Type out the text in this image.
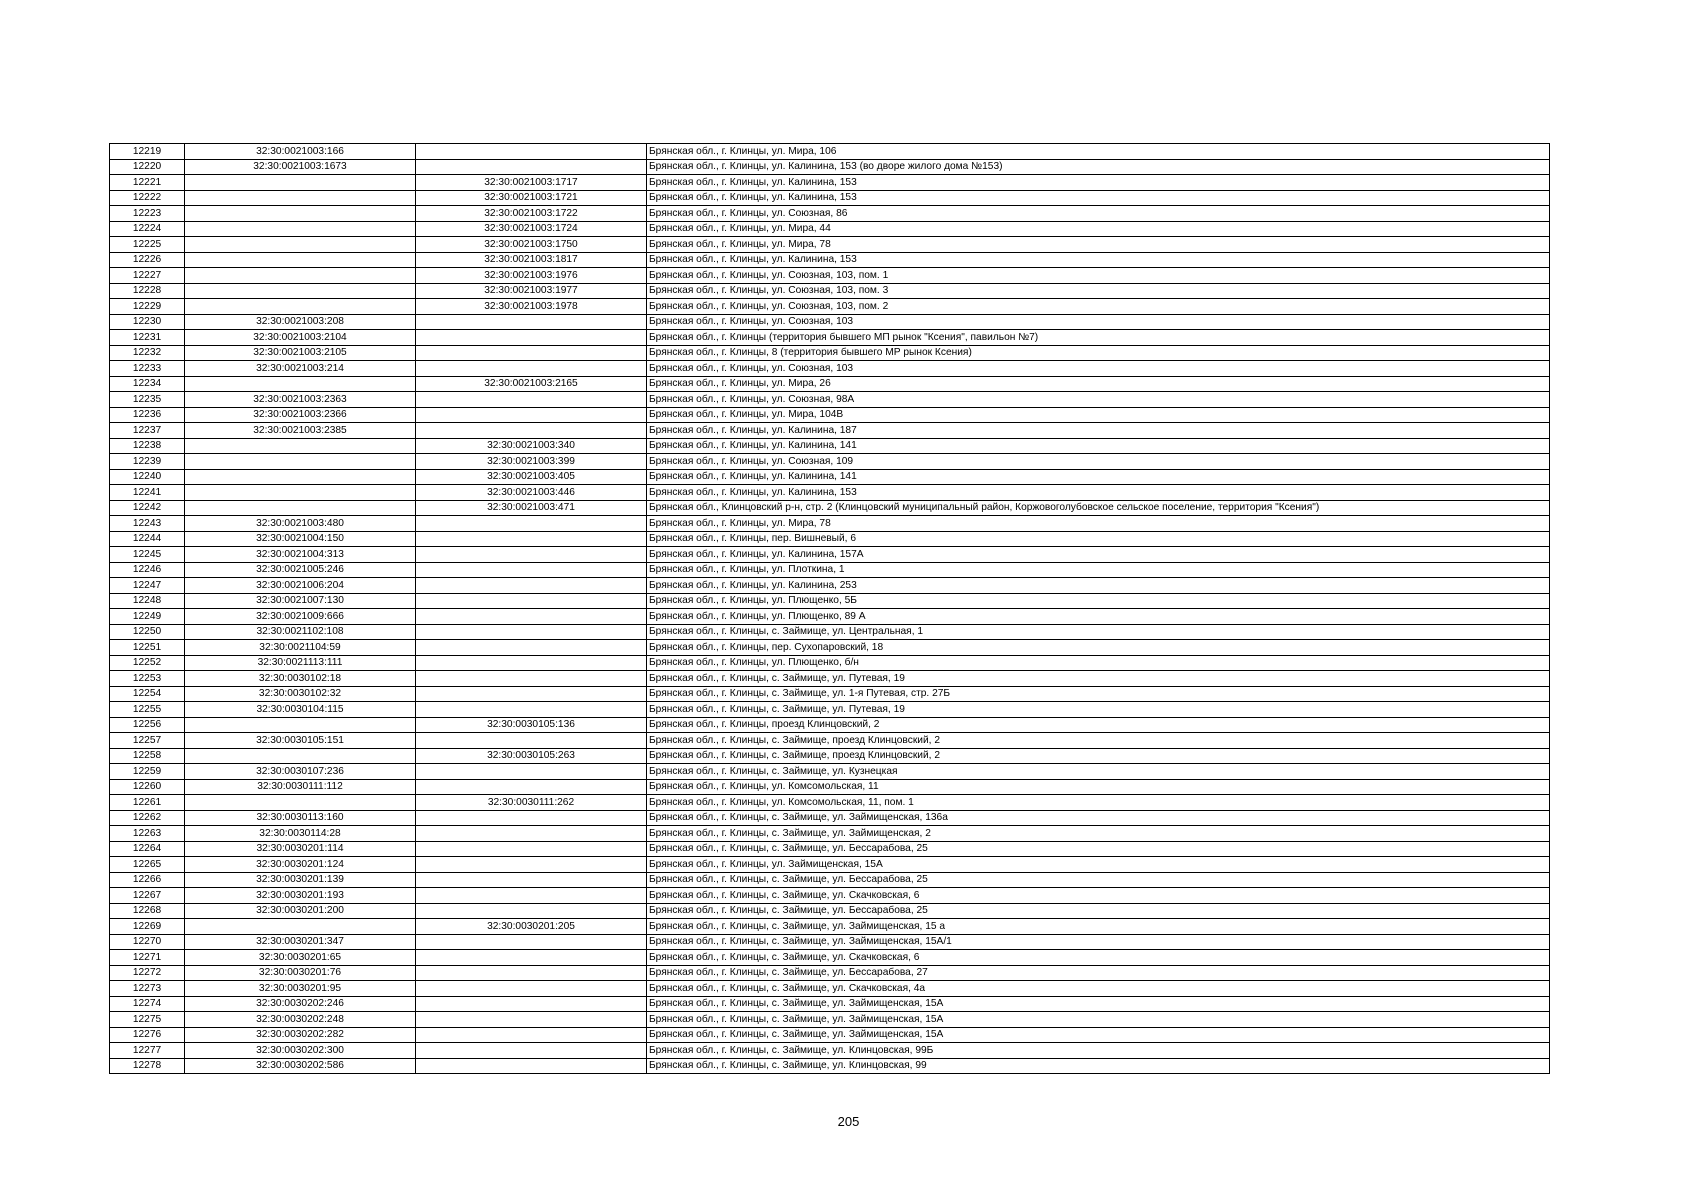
12219	32:30:0021003:166		Брянская обл., г. Клинцы, ул. Мира, 106
12220	32:30:0021003:1673		Брянская обл., г. Клинцы, ул. Калинина, 153 (во дворе жилого дома №153)
12221		32:30:0021003:1717	Брянская обл., г. Клинцы, ул. Калинина, 153
12222		32:30:0021003:1721	Брянская обл., г. Клинцы, ул. Калинина, 153
12223		32:30:0021003:1722	Брянская обл., г. Клинцы, ул. Союзная, 86
12224		32:30:0021003:1724	Брянская обл., г. Клинцы, ул. Мира, 44
12225		32:30:0021003:1750	Брянская обл., г. Клинцы, ул. Мира, 78
12226		32:30:0021003:1817	Брянская обл., г. Клинцы, ул. Калинина, 153
12227		32:30:0021003:1976	Брянская обл., г. Клинцы, ул. Союзная, 103, пом. 1
12228		32:30:0021003:1977	Брянская обл., г. Клинцы, ул. Союзная, 103, пом. 3
12229		32:30:0021003:1978	Брянская обл., г. Клинцы, ул. Союзная, 103, пом. 2
12230	32:30:0021003:208		Брянская обл., г. Клинцы, ул. Союзная, 103
12231	32:30:0021003:2104		Брянская обл., г. Клинцы (территория бывшего МП рынок "Ксения", павильон №7)
12232	32:30:0021003:2105		Брянская обл., г. Клинцы, 8 (территория бывшего МР рынок Ксения)
12233	32:30:0021003:214		Брянская обл., г. Клинцы, ул. Союзная, 103
12234		32:30:0021003:2165	Брянская обл., г. Клинцы, ул. Мира, 26
12235	32:30:0021003:2363		Брянская обл., г. Клинцы, ул. Союзная, 98А
12236	32:30:0021003:2366		Брянская обл., г. Клинцы, ул. Мира, 104В
12237	32:30:0021003:2385		Брянская обл., г. Клинцы, ул. Калинина, 187
12238		32:30:0021003:340	Брянская обл., г. Клинцы, ул. Калинина, 141
12239		32:30:0021003:399	Брянская обл., г. Клинцы, ул. Союзная, 109
12240		32:30:0021003:405	Брянская обл., г. Клинцы, ул. Калинина, 141
12241		32:30:0021003:446	Брянская обл., г. Клинцы, ул. Калинина, 153
12242		32:30:0021003:471	Брянская обл., Клинцовский р-н, стр. 2 (Клинцовский муниципальный район, Коржовоголубовское сельское поселение, территория "Ксения")
12243	32:30:0021003:480		Брянская обл., г. Клинцы, ул. Мира, 78
12244	32:30:0021004:150		Брянская обл., г. Клинцы, пер. Вишневый, 6
12245	32:30:0021004:313		Брянская обл., г. Клинцы, ул. Калинина, 157А
12246	32:30:0021005:246		Брянская обл., г. Клинцы, ул. Плоткина, 1
12247	32:30:0021006:204		Брянская обл., г. Клинцы, ул. Калинина, 253
12248	32:30:0021007:130		Брянская обл., г. Клинцы, ул. Плющенко, 5Б
12249	32:30:0021009:666		Брянская обл., г. Клинцы, ул. Плющенко, 89 А
12250	32:30:0021102:108		Брянская обл., г. Клинцы, с. Займище, ул. Центральная, 1
12251	32:30:0021104:59		Брянская обл., г. Клинцы, пер. Сухопаровский, 18
12252	32:30:0021113:111		Брянская обл., г. Клинцы, ул. Плющенко, б/н
12253	32:30:0030102:18		Брянская обл., г. Клинцы, с. Займище, ул. Путевая, 19
12254	32:30:0030102:32		Брянская обл., г. Клинцы, с. Займище, ул. 1-я Путевая, стр. 27Б
12255	32:30:0030104:115		Брянская обл., г. Клинцы, с. Займище, ул. Путевая, 19
12256		32:30:0030105:136	Брянская обл., г. Клинцы, проезд Клинцовский, 2
12257	32:30:0030105:151		Брянская обл., г. Клинцы, с. Займище, проезд Клинцовский, 2
12258		32:30:0030105:263	Брянская обл., г. Клинцы, с. Займище, проезд Клинцовский, 2
12259	32:30:0030107:236		Брянская обл., г. Клинцы, с. Займище, ул. Кузнецкая
12260	32:30:0030111:112		Брянская обл., г. Клинцы, ул. Комсомольская, 11
12261		32:30:0030111:262	Брянская обл., г. Клинцы, ул. Комсомольская, 11, пом. 1
12262	32:30:0030113:160		Брянская обл., г. Клинцы, с. Займище, ул. Займищенская, 136а
12263	32:30:0030114:28		Брянская обл., г. Клинцы, с. Займище, ул. Займищенская, 2
12264	32:30:0030201:114		Брянская обл., г. Клинцы, с. Займище, ул. Бессарабова, 25
12265	32:30:0030201:124		Брянская обл., г. Клинцы, ул. Займищенская, 15А
12266	32:30:0030201:139		Брянская обл., г. Клинцы, с. Займище, ул. Бессарабова, 25
12267	32:30:0030201:193		Брянская обл., г. Клинцы, с. Займище, ул. Скачковская, 6
12268	32:30:0030201:200		Брянская обл., г. Клинцы, с. Займище, ул. Бессарабова, 25
12269		32:30:0030201:205	Брянская обл., г. Клинцы, с. Займище, ул. Займищенская, 15 а
12270	32:30:0030201:347		Брянская обл., г. Клинцы, с. Займище, ул. Займищенская, 15А/1
12271	32:30:0030201:65		Брянская обл., г. Клинцы, с. Займище, ул. Скачковская, 6
12272	32:30:0030201:76		Брянская обл., г. Клинцы, с. Займище, ул. Бессарабова, 27
12273	32:30:0030201:95		Брянская обл., г. Клинцы, с. Займище, ул. Скачковская, 4а
12274	32:30:0030202:246		Брянская обл., г. Клинцы, с. Займище, ул. Займищенская, 15А
12275	32:30:0030202:248		Брянская обл., г. Клинцы, с. Займище, ул. Займищенская, 15А
12276	32:30:0030202:282		Брянская обл., г. Клинцы, с. Займище, ул. Займищенская, 15А
12277	32:30:0030202:300		Брянская обл., г. Клинцы, с. Займище, ул. Клинцовская, 99Б
12278	32:30:0030202:586		Брянская обл., г. Клинцы, с. Займище, ул. Клинцовская, 99
205
